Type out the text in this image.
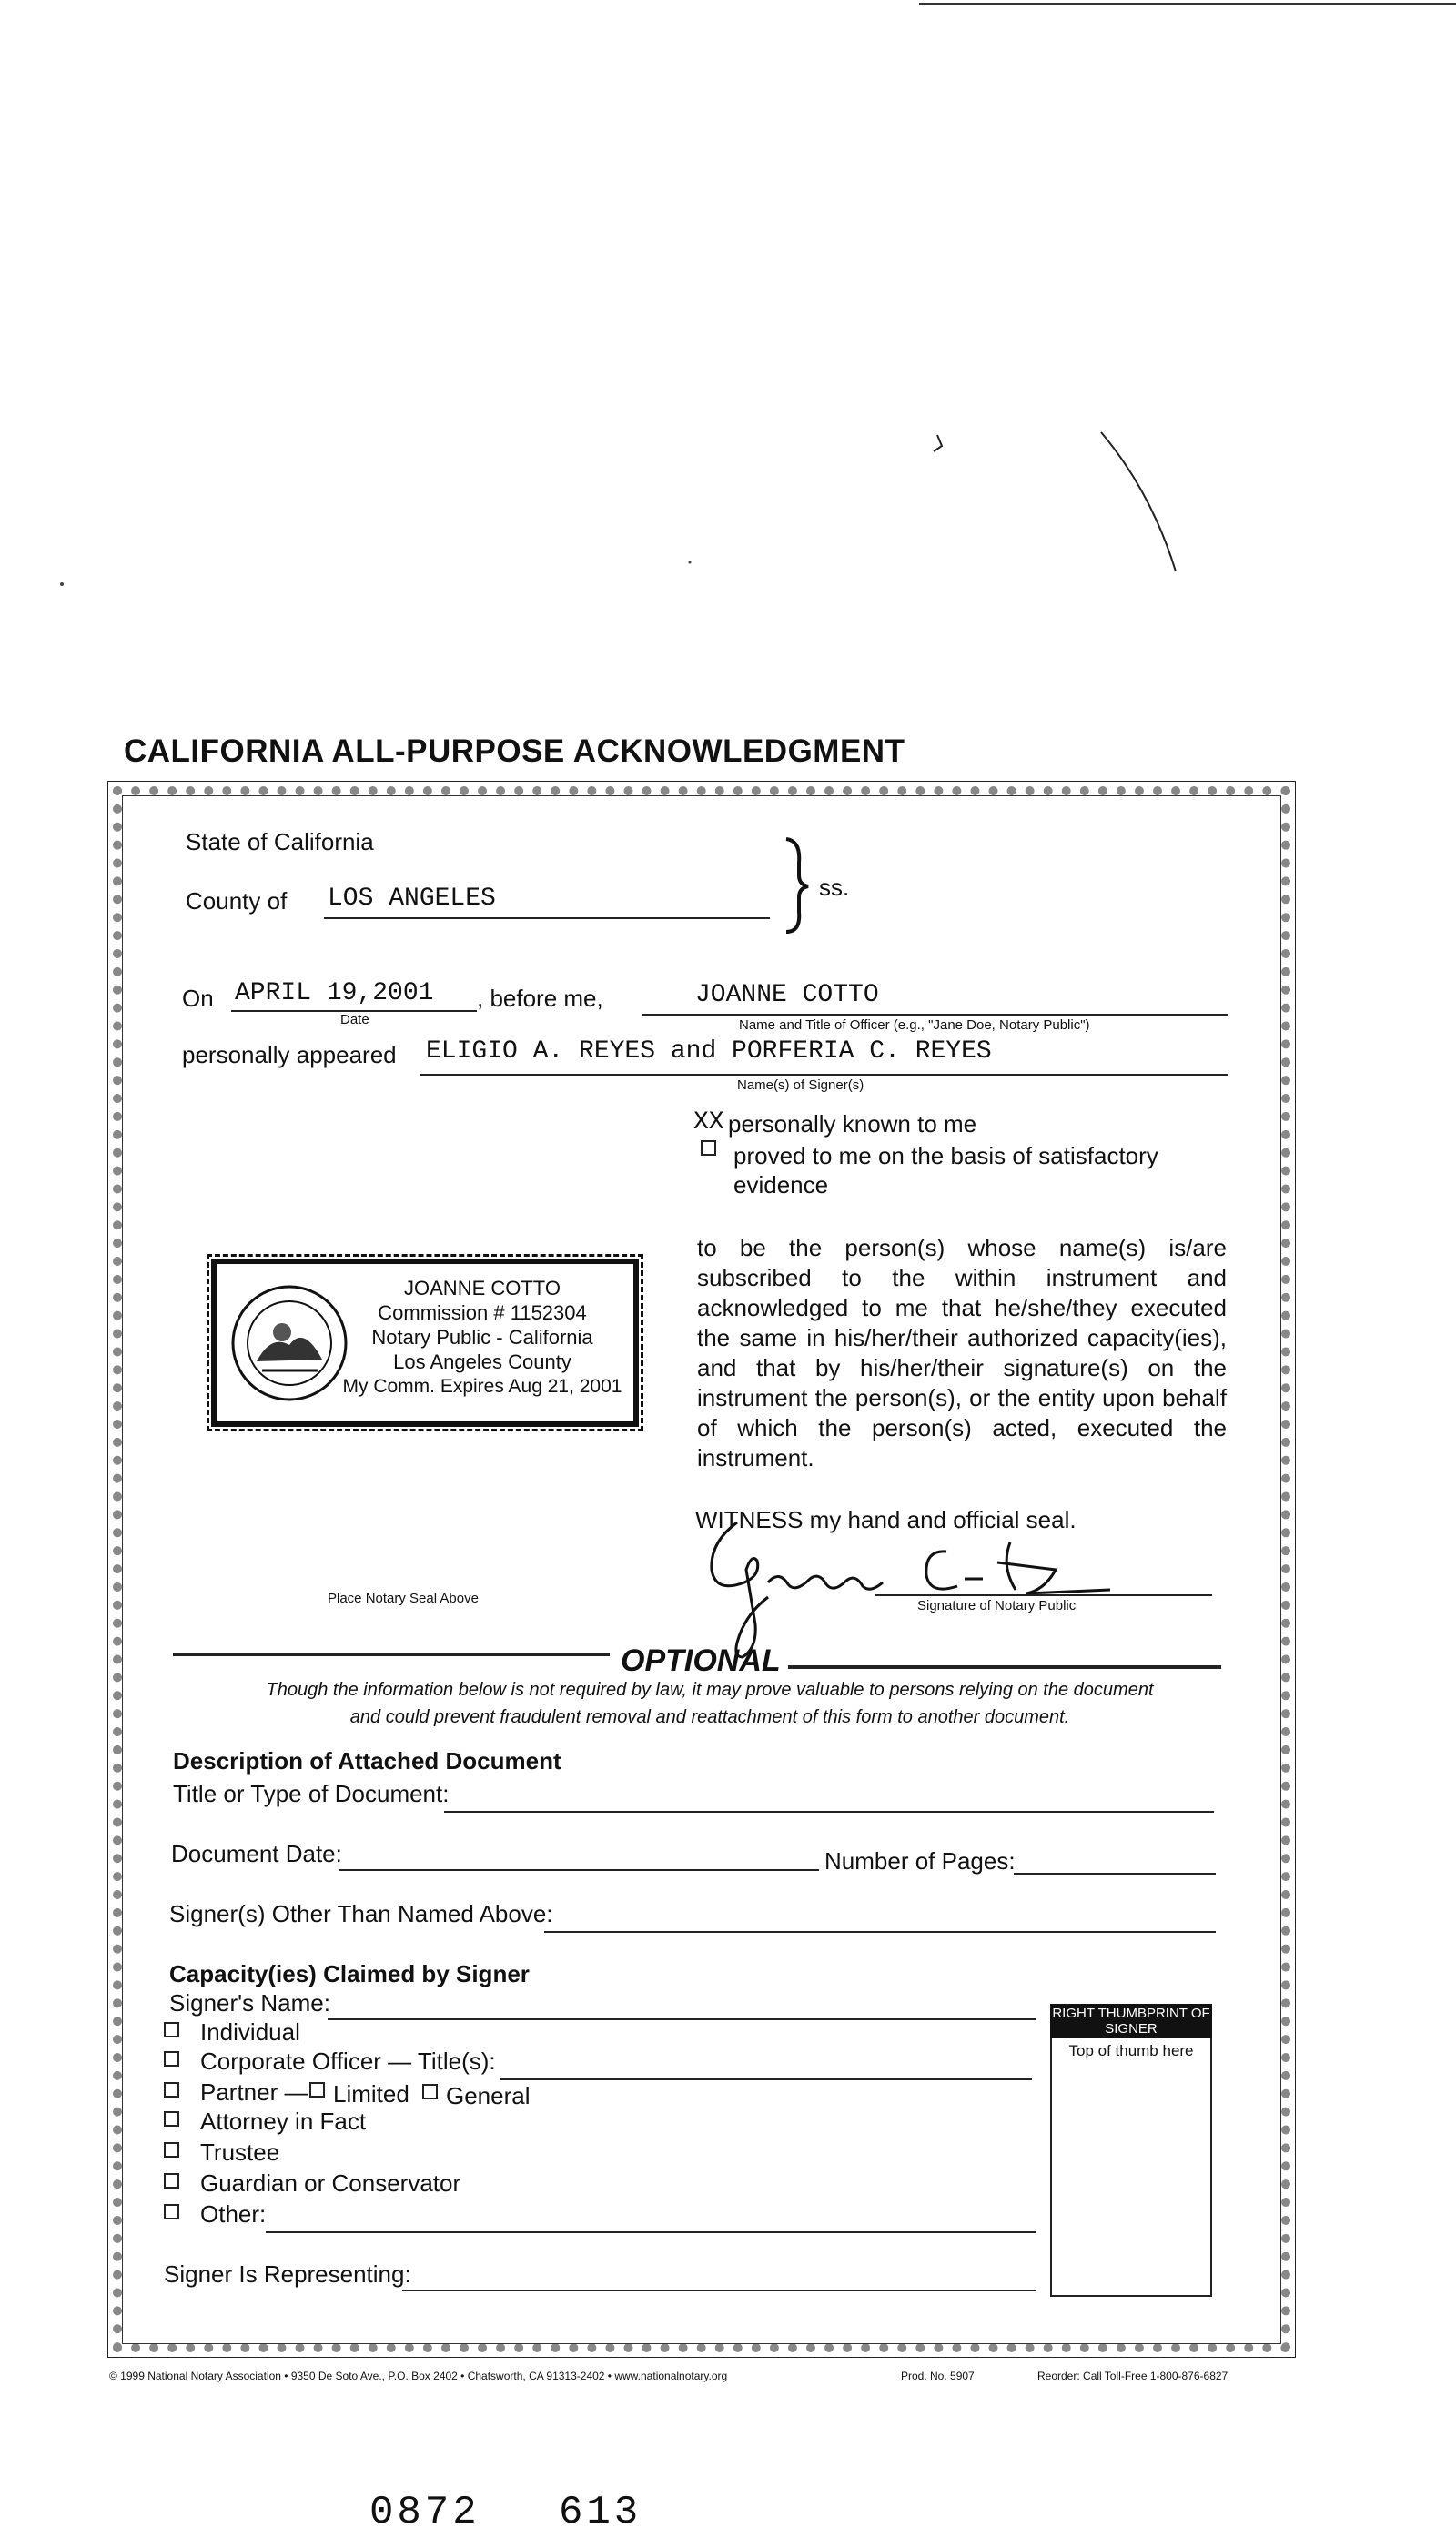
CALIFORNIA ALL-PURPOSE ACKNOWLEDGMENT
State of California
County of LOS ANGELES	ss.
On APRIL 19,2001 , before me,	JOANNE COTTO
Date	Name and Title of Officer (e.g., "Jane Doe, Notary Public")
personally appeared ELIGIO A. REYES and PORFERIA C. REYES
Name(s) of Signer(s)
XX personally known to me
proved to me on the basis of satisfactory evidence
JOANNE COTTO
Commission # 1152304
Notary Public - California
Los Angeles County
My Comm. Expires Aug 21, 2001
to be the person(s) whose name(s) is/are subscribed to the within instrument and acknowledged to me that he/she/they executed the same in his/her/their authorized capacity(ies), and that by his/her/their signature(s) on the instrument the person(s), or the entity upon behalf of which the person(s) acted, executed the instrument.
WITNESS my hand and official seal.
Place Notary Seal Above	Signature of Notary Public
OPTIONAL
Though the information below is not required by law, it may prove valuable to persons relying on the document
and could prevent fraudulent removal and reattachment of this form to another document.
Description of Attached Document
Title or Type of Document:
Document Date:	Number of Pages:
Signer(s) Other Than Named Above:
Capacity(ies) Claimed by Signer
Signer's Name:
Individual
Corporate Officer — Title(s):
Partner — Limited General
Attorney in Fact
Trustee
Guardian or Conservator
Other:
Signer Is Representing:
RIGHT THUMBPRINT OF SIGNER
Top of thumb here
© 1999 National Notary Association • 9350 De Soto Ave., P.O. Box 2402 • Chatsworth, CA 91313-2402 • www.nationalnotary.org	Prod. No. 5907	Reorder: Call Toll-Free 1-800-876-6827
0872 613
